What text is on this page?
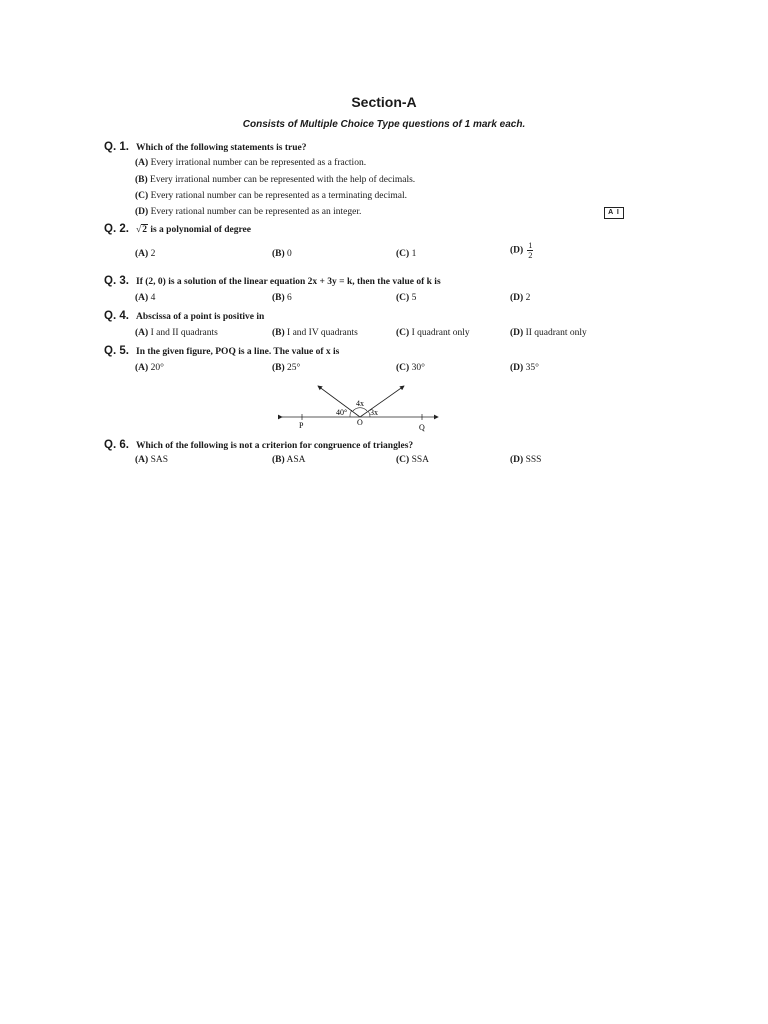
Section-A
Consists of Multiple Choice Type questions of 1 mark each.
Q. 1. Which of the following statements is true?
(A) Every irrational number can be represented as a fraction.
(B) Every irrational number can be represented with the help of decimals.
(C) Every rational number can be represented as a terminating decimal.
(D) Every rational number can be represented as an integer.	A I
Q. 2. √2 is a polynomial of degree
(A) 2	(B) 0	(C) 1	$(D) \frac{1}{2}$
Q. 3. If (2, 0) is a solution of the linear equation 2x + 3y = k, then the value of k is
(A) 4	(B) 6	(C) 5	(D) 2
Q. 4. Abscissa of a point is positive in
(A) I and II quadrants	(B) I and IV quadrants	(C) I quadrant only	(D) II quadrant only
Q. 5. In the given figure, POQ is a line. The value of x is
(A) 20°	(B) 25°	(C) 30°	(D) 35°
4x
40°	3x
P	O
Q
Q. 6. Which of the following is not a criterion for congruence of triangles?
(A) SAS	(B) ASA	(C) SSA	(D) SSS
